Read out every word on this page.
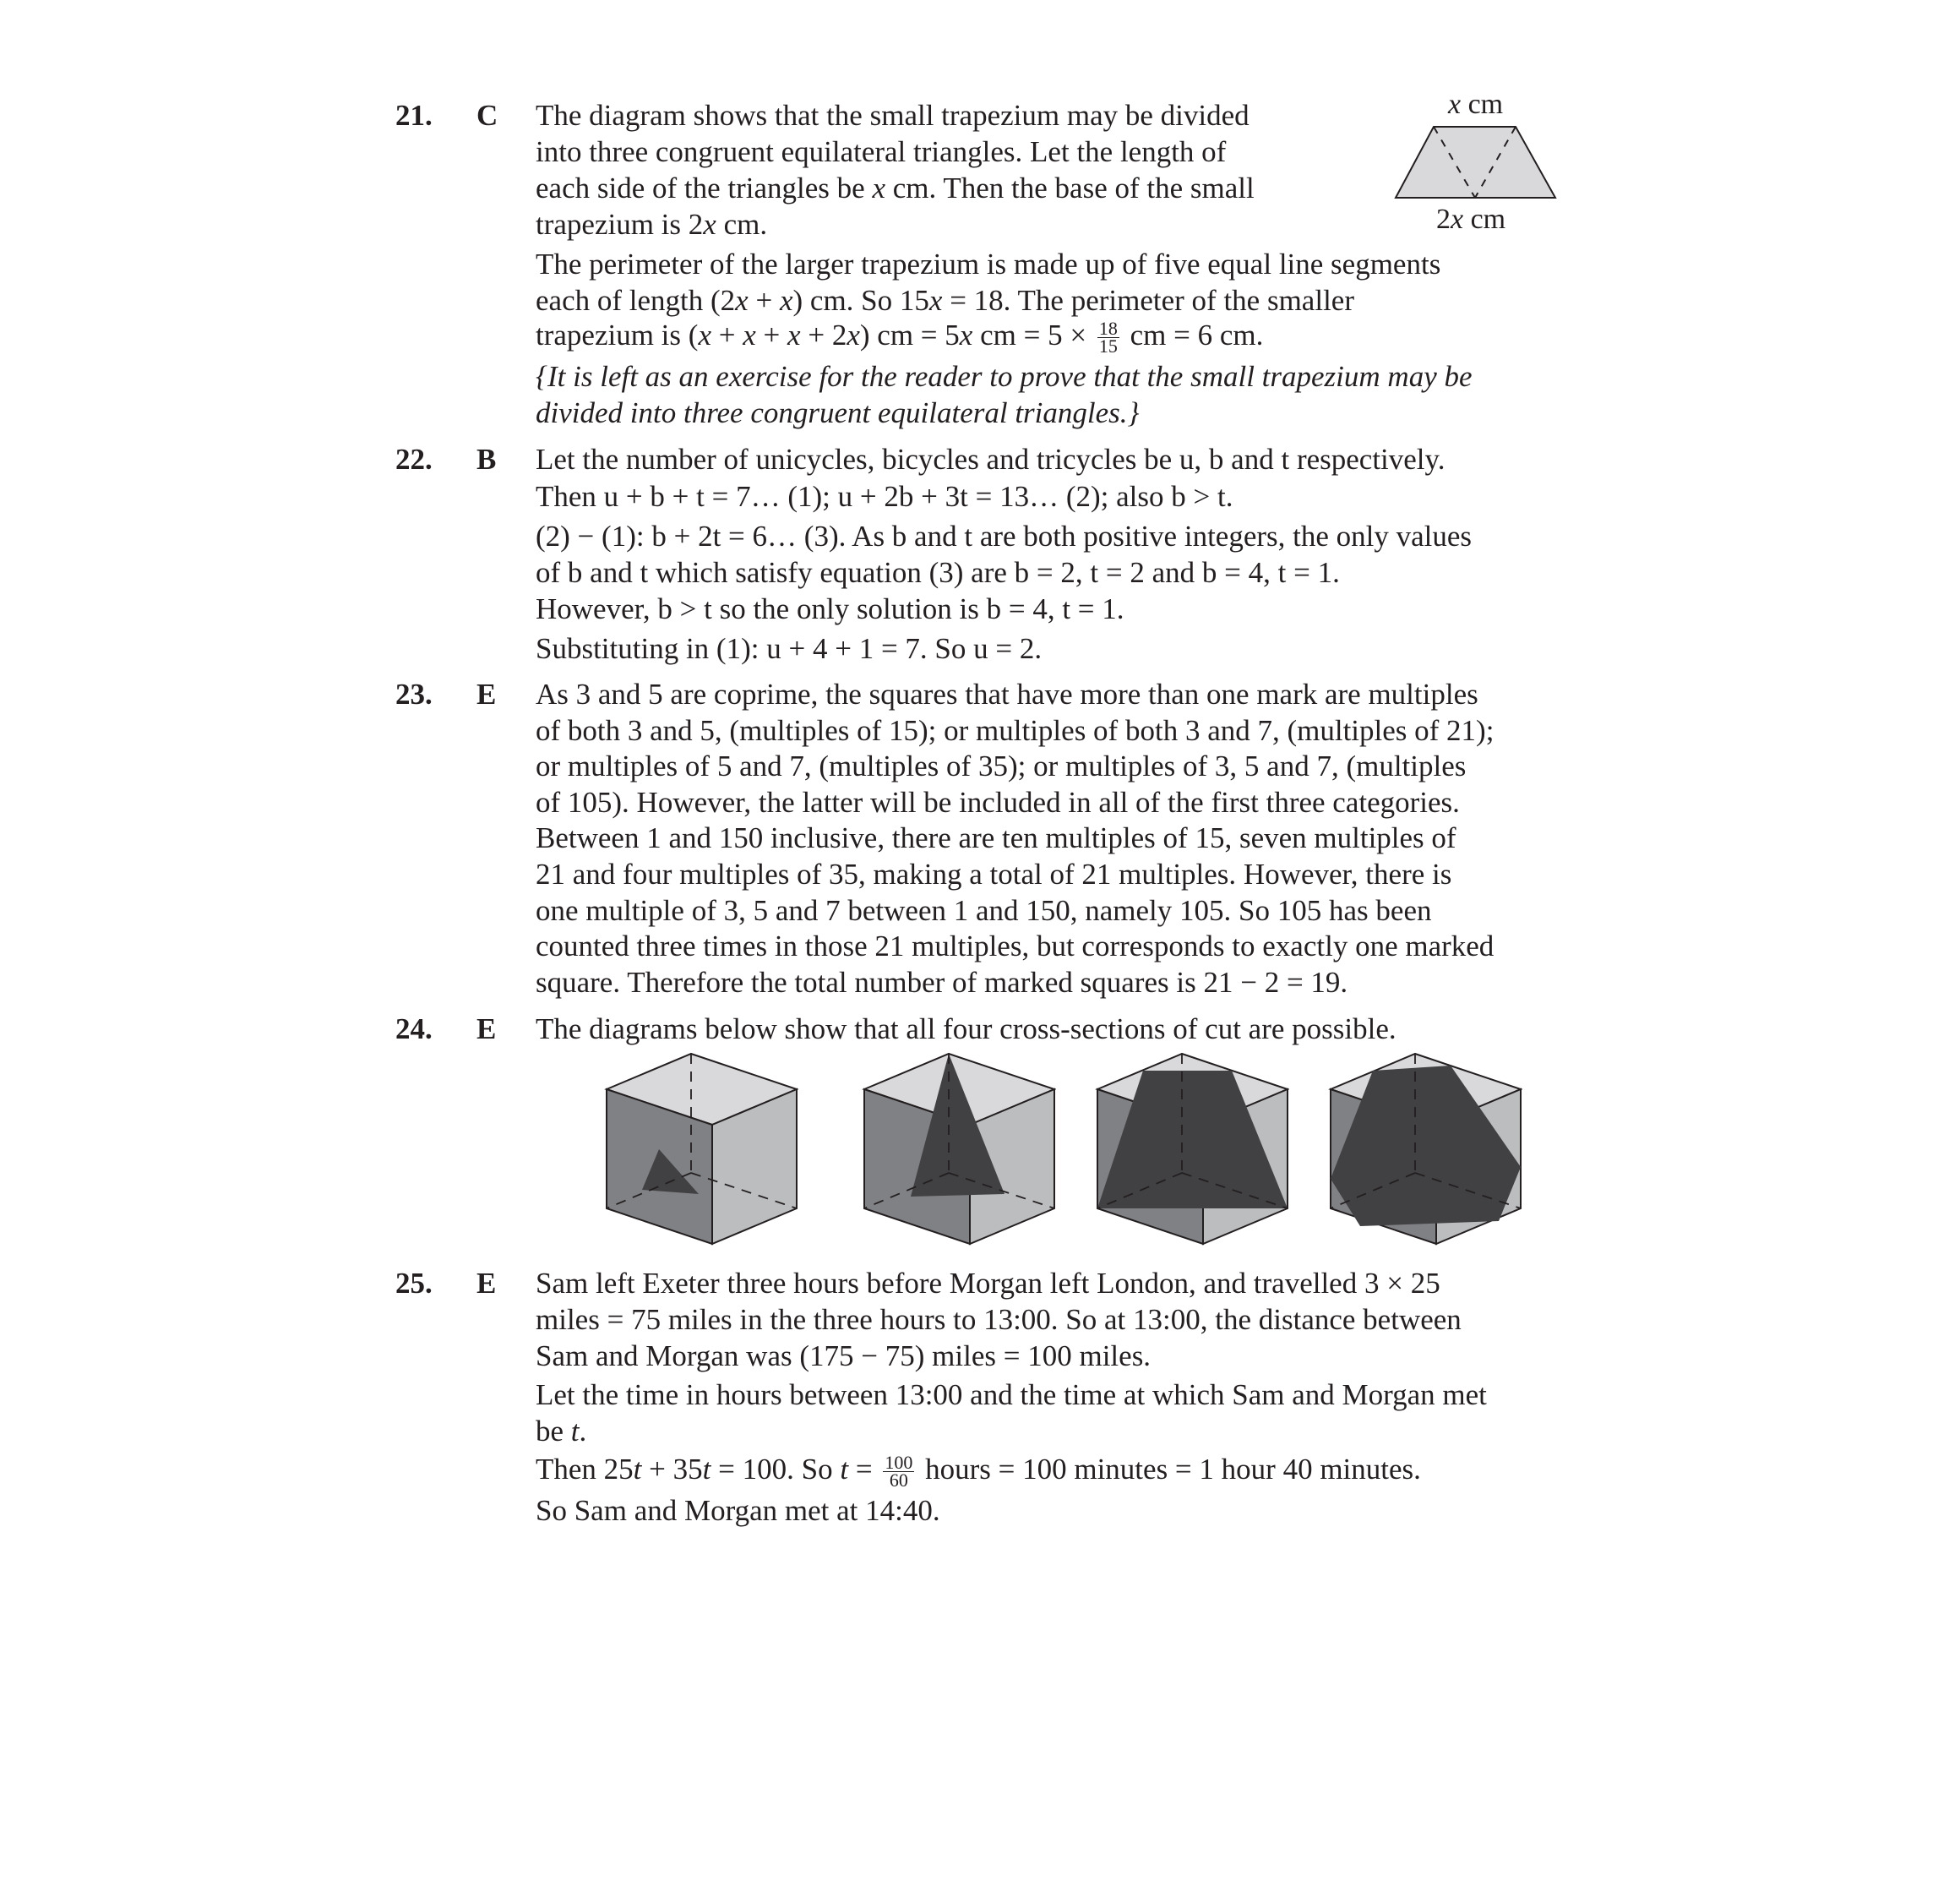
21. C The diagram shows that the small trapezium may be divided
into three congruent equilateral triangles. Let the length of
each side of the triangles be x cm. Then the base of the small
trapezium is 2x cm.
The perimeter of the larger trapezium is made up of five equal line segments
each of length (2x + x) cm. So 15x = 18. The perimeter of the smaller
trapezium is (x + x + x + 2x) cm = 5x cm = $5 \times \frac{18}{15}$ cm = 6 cm.
{It is left as an exercise for the reader to prove that the small trapezium may be
divided into three congruent equilateral triangles.}
x cm
2x cm
22. B Let the number of unicycles, bicycles and tricycles be u, b and t respectively.
Then u + b + t = 7… (1); u + 2b + 3t = 13… (2); also b > t.
(2) − (1): b + 2t = 6… (3). As b and t are both positive integers, the only values
of b and t which satisfy equation (3) are b = 2, t = 2 and b = 4, t = 1.
However, b > t so the only solution is b = 4, t = 1.
Substituting in (1): u + 4 + 1 = 7. So u = 2.
23. E As 3 and 5 are coprime, the squares that have more than one mark are multiples
of both 3 and 5, (multiples of 15); or multiples of both 3 and 7, (multiples of 21);
or multiples of 5 and 7, (multiples of 35); or multiples of 3, 5 and 7, (multiples
of 105). However, the latter will be included in all of the first three categories.
Between 1 and 150 inclusive, there are ten multiples of 15, seven multiples of
21 and four multiples of 35, making a total of 21 multiples. However, there is
one multiple of 3, 5 and 7 between 1 and 150, namely 105. So 105 has been
counted three times in those 21 multiples, but corresponds to exactly one marked
square. Therefore the total number of marked squares is 21 − 2 = 19.
24. E The diagrams below show that all four cross-sections of cut are possible.
25. E Sam left Exeter three hours before Morgan left London, and travelled 3 × 25
miles = 75 miles in the three hours to 13:00. So at 13:00, the distance between
Sam and Morgan was (175 − 75) miles = 100 miles.
Let the time in hours between 13:00 and the time at which Sam and Morgan met
be t.
Then 25t + 35t = 100. So $t = \frac{100}{60}$ hours = 100 minutes = 1 hour 40 minutes.
So Sam and Morgan met at 14:40.
